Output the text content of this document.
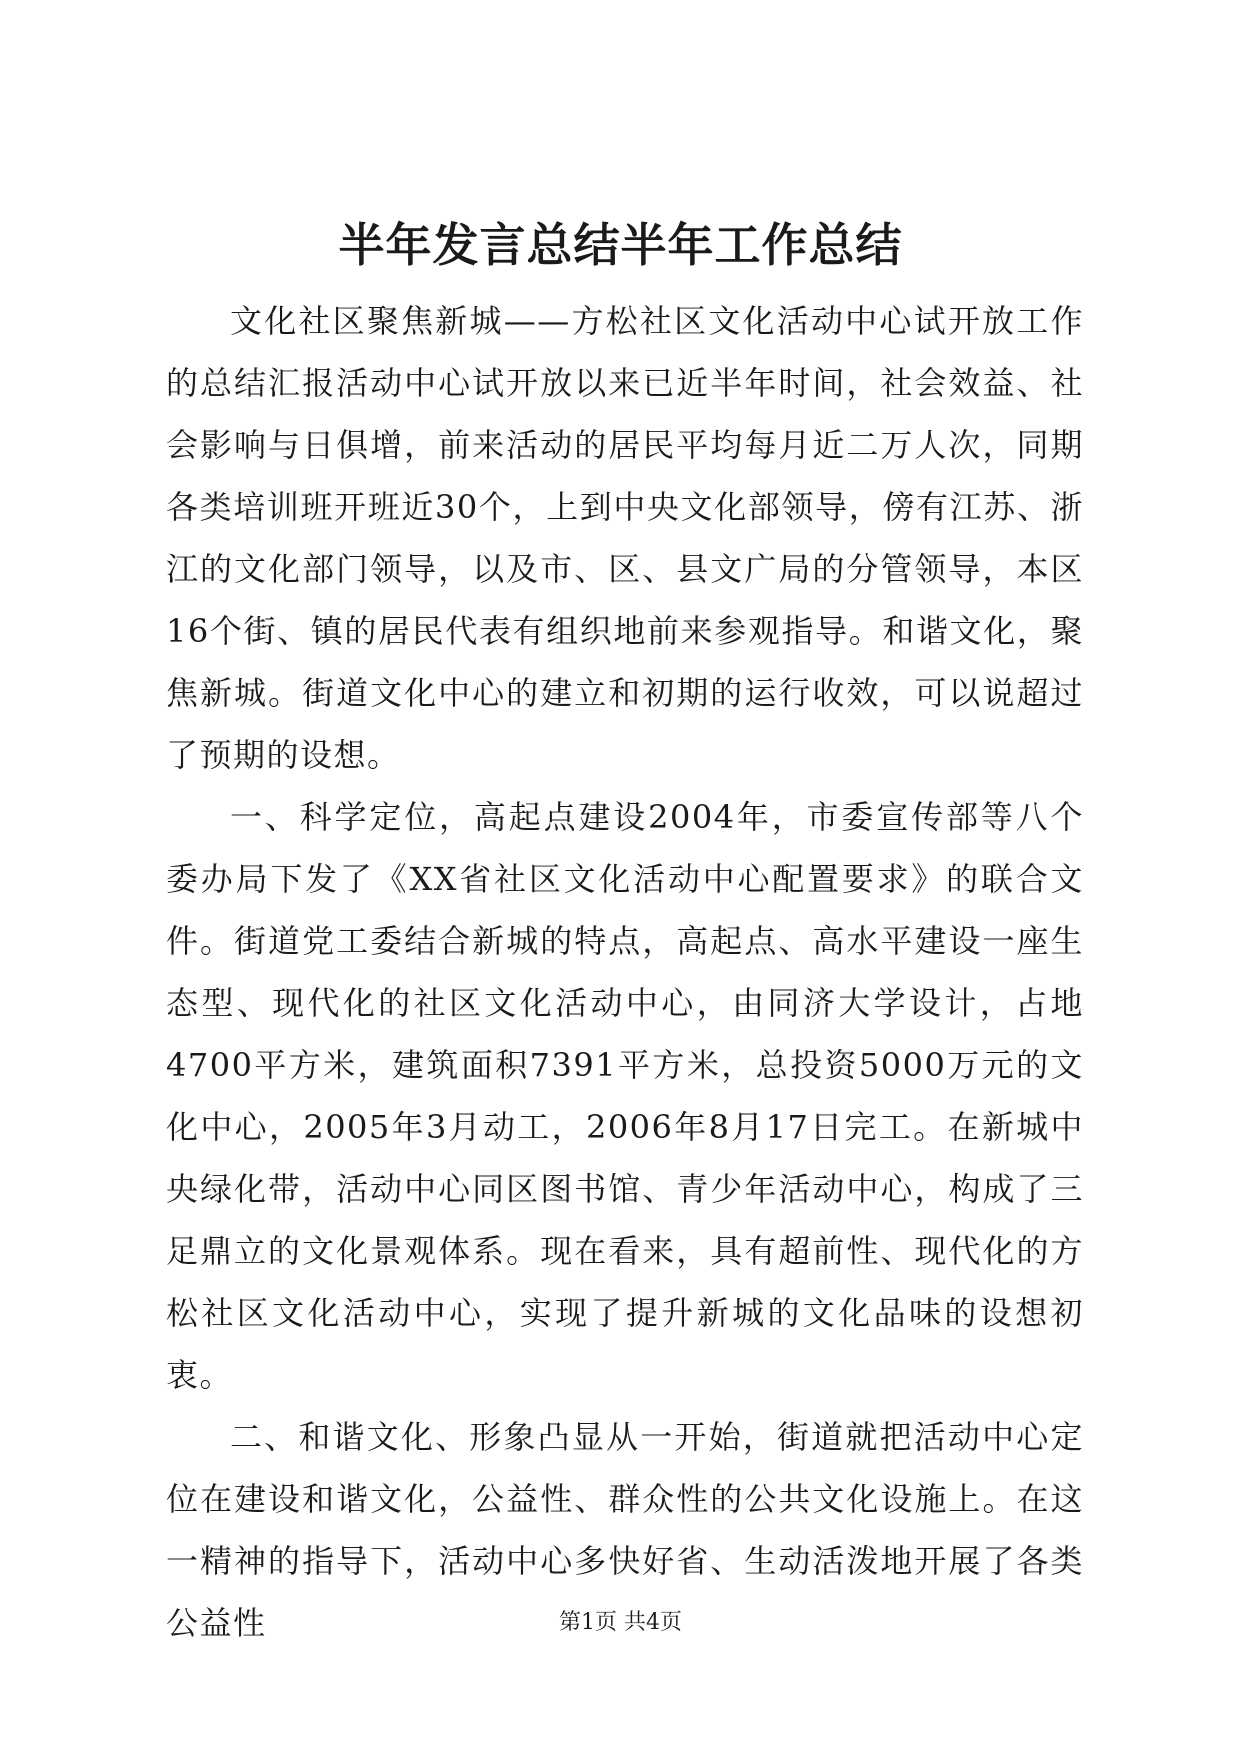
半年发言总结半年工作总结

文化社区聚焦新城——方松社区文化活动中心试开放工作的总结汇报活动中心试开放以来已近半年时间，社会效益、社会影响与日俱增，前来活动的居民平均每月近二万人次，同期各类培训班开班近30个，上到中央文化部领导，傍有江苏、浙江的文化部门领导，以及市、区、县文广局的分管领导，本区16个街、镇的居民代表有组织地前来参观指导。和谐文化，聚焦新城。街道文化中心的建立和初期的运行收效，可以说超过了预期的设想。

一、科学定位，高起点建设2004年，市委宣传部等八个委办局下发了《XX省社区文化活动中心配置要求》的联合文件。街道党工委结合新城的特点，高起点、高水平建设一座生态型、现代化的社区文化活动中心，由同济大学设计，占地4700平方米，建筑面积7391平方米，总投资5000万元的文化中心，2005年3月动工，2006年8月17日完工。在新城中央绿化带，活动中心同区图书馆、青少年活动中心，构成了三足鼎立的文化景观体系。现在看来，具有超前性、现代化的方松社区文化活动中心，实现了提升新城的文化品味的设想初衷。

二、和谐文化、形象凸显从一开始，街道就把活动中心定位在建设和谐文化，公益性、群众性的公共文化设施上。在这一精神的指导下，活动中心多快好省、生动活泼地开展了各类公益性	第1页 共4页
